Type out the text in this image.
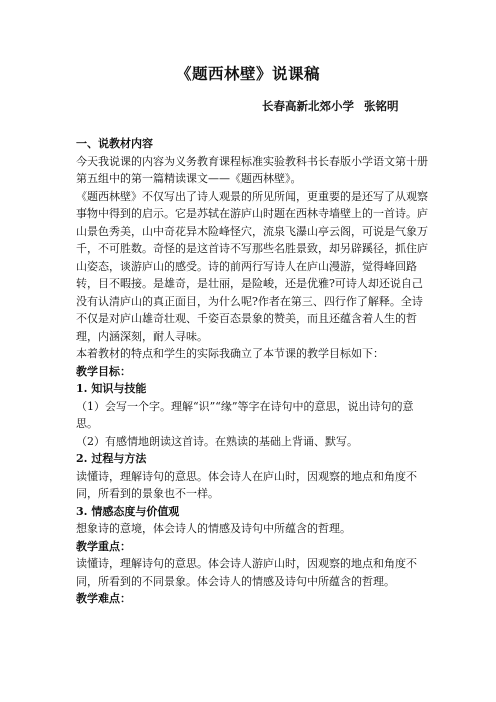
《题西林壁》说课稿
长春高新北郊小学 张铭明

一、说教材内容

今天我说课的内容为义务教育课程标准实验教科书长春版小学语文第十册第五组中的第一篇精读课文——《题西林壁》。

《题西林壁》不仅写出了诗人观景的所见所闻，更重要的是还写了从观察事物中得到的启示。它是苏轼在游庐山时题在西林寺墙壁上的一首诗。庐山景色秀美，山中奇花异木险峰怪穴，流泉飞瀑山亭云阁，可说是气象万千，不可胜数。奇怪的是这首诗不写那些名胜景致，却另辟蹊径，抓住庐山姿态，谈游庐山的感受。诗的前两行写诗人在庐山漫游，觉得峰回路转，目不暇接。是雄奇，是壮丽，是险峻，还是优雅?可诗人却还说自己没有认清庐山的真正面目，为什么呢?作者在第三、四行作了解释。全诗不仅是对庐山雄奇壮观、千姿百态景象的赞美，而且还蕴含着人生的哲理，内涵深刻，耐人寻味。

本着教材的特点和学生的实际我确立了本节课的教学目标如下：

教学目标：

1. 知识与技能

（1）会写一个字。理解“识”“缘”等字在诗句中的意思，说出诗句的意思。

（2）有感情地朗读这首诗。在熟读的基础上背诵、默写。

2. 过程与方法

读懂诗，理解诗句的意思。体会诗人在庐山时，因观察的地点和角度不同，所看到的景象也不一样。

3. 情感态度与价值观

想象诗的意境，体会诗人的情感及诗句中所蕴含的哲理。

教学重点：

读懂诗，理解诗句的意思。体会诗人游庐山时，因观察的地点和角度不同，所看到的不同景象。体会诗人的情感及诗句中所蕴含的哲理。

教学难点：
